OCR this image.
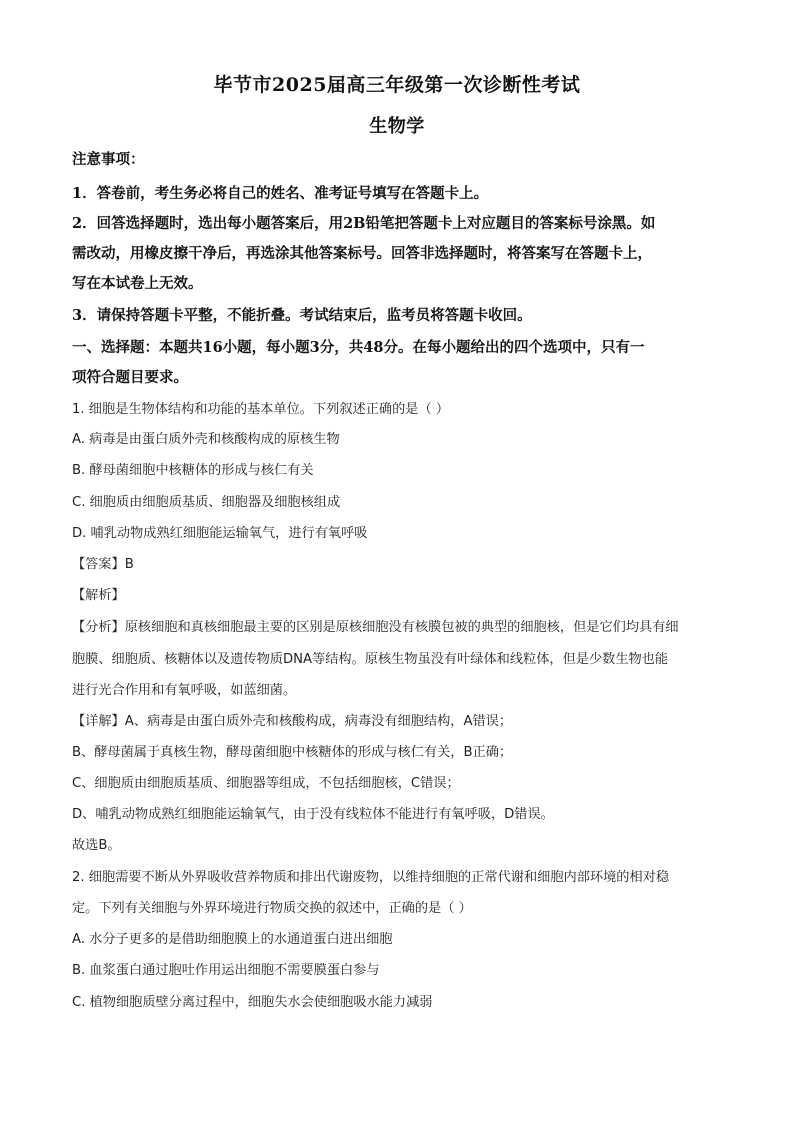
毕节市2025届高三年级第一次诊断性考试
生物学
注意事项：
1．答卷前，考生务必将自己的姓名、准考证号填写在答题卡上。
2．回答选择题时，选出每小题答案后，用2B铅笔把答题卡上对应题目的答案标号涂黑。如
需改动，用橡皮擦干净后，再选涂其他答案标号。回答非选择题时，将答案写在答题卡上，
写在本试卷上无效。
3．请保持答题卡平整，不能折叠。考试结束后，监考员将答题卡收回。
一、选择题：本题共16小题，每小题3分，共48分。在每小题给出的四个选项中，只有一
项符合题目要求。
1. 细胞是生物体结构和功能的基本单位。下列叙述正确的是（ ）
A. 病毒是由蛋白质外壳和核酸构成的原核生物
B. 酵母菌细胞中核糖体的形成与核仁有关
C. 细胞质由细胞质基质、细胞器及细胞核组成
D. 哺乳动物成熟红细胞能运输氧气，进行有氧呼吸
【答案】B
【解析】
【分析】原核细胞和真核细胞最主要的区别是原核细胞没有核膜包被的典型的细胞核，但是它们均具有细
胞膜、细胞质、核糖体以及遗传物质DNA等结构。原核生物虽没有叶绿体和线粒体，但是少数生物也能
进行光合作用和有氧呼吸，如蓝细菌。
【详解】A、病毒是由蛋白质外壳和核酸构成，病毒没有细胞结构，A错误；
B、酵母菌属于真核生物，酵母菌细胞中核糖体的形成与核仁有关，B正确；
C、细胞质由细胞质基质、细胞器等组成，不包括细胞核，C错误；
D、哺乳动物成熟红细胞能运输氧气，由于没有线粒体不能进行有氧呼吸，D错误。
故选B。
2. 细胞需要不断从外界吸收营养物质和排出代谢废物，以维持细胞的正常代谢和细胞内部环境的相对稳
定。下列有关细胞与外界环境进行物质交换的叙述中，正确的是（ ）
A. 水分子更多的是借助细胞膜上的水通道蛋白进出细胞
B. 血浆蛋白通过胞吐作用运出细胞不需要膜蛋白参与
C. 植物细胞质壁分离过程中，细胞失水会使细胞吸水能力减弱
